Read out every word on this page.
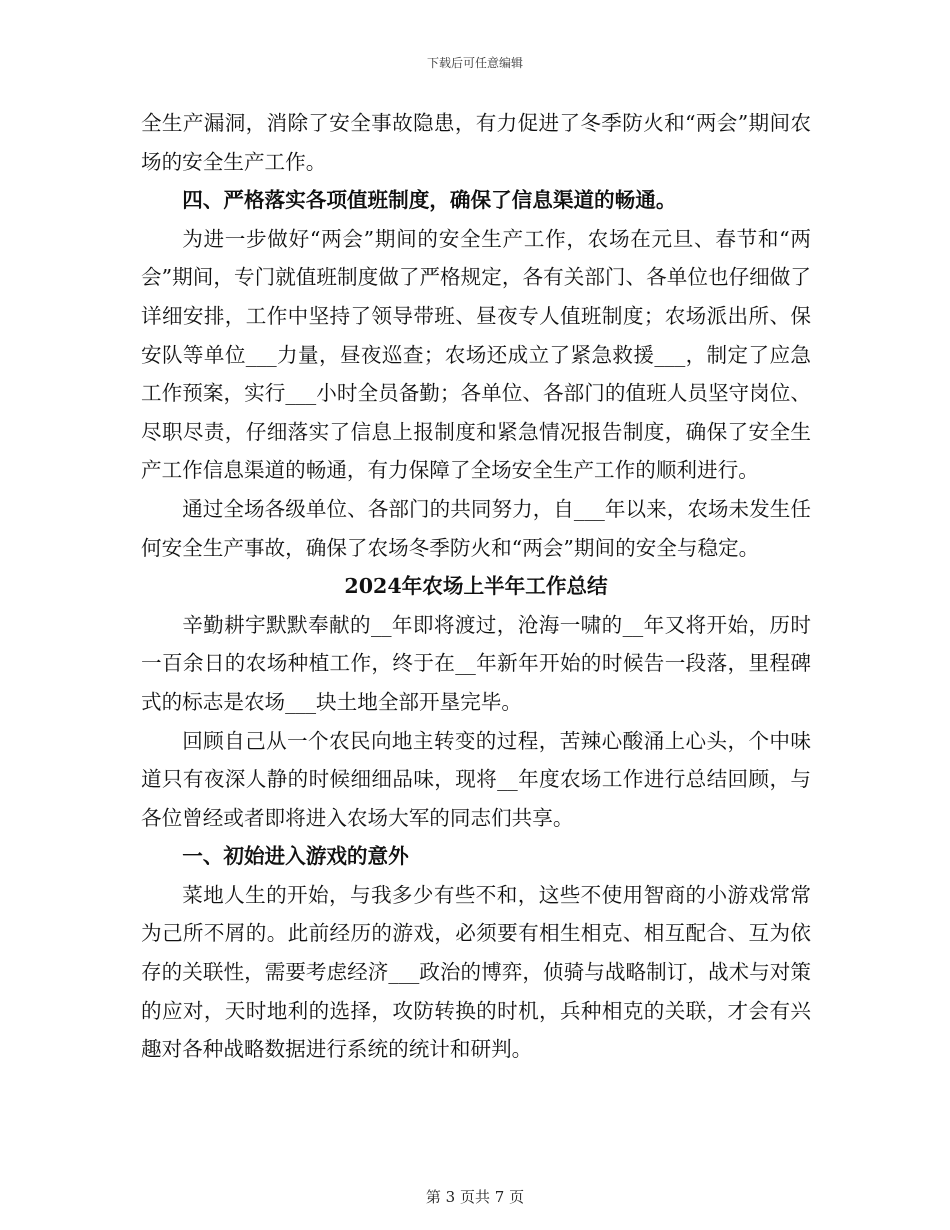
下载后可任意编辑

全生产漏洞，消除了安全事故隐患，有力促进了冬季防火和“两会”期间农场的安全生产工作。

四、严格落实各项值班制度，确保了信息渠道的畅通。

为进一步做好“两会”期间的安全生产工作，农场在元旦、春节和“两会”期间，专门就值班制度做了严格规定，各有关部门、各单位也仔细做了详细安排，工作中坚持了领导带班、昼夜专人值班制度；农场派出所、保安队等单位___力量，昼夜巡查；农场还成立了紧急救援___，制定了应急工作预案，实行___小时全员备勤；各单位、各部门的值班人员坚守岗位、尽职尽责，仔细落实了信息上报制度和紧急情况报告制度，确保了安全生产工作信息渠道的畅通，有力保障了全场安全生产工作的顺利进行。

通过全场各级单位、各部门的共同努力，自___年以来，农场未发生任何安全生产事故，确保了农场冬季防火和“两会”期间的安全与稳定。

2024年农场上半年工作总结

辛勤耕宇默默奉献的__年即将渡过，沧海一啸的__年又将开始，历时一百余日的农场种植工作，终于在__年新年开始的时候告一段落，里程碑式的标志是农场___块土地全部开垦完毕。

回顾自己从一个农民向地主转变的过程，苦辣心酸涌上心头，个中味道只有夜深人静的时候细细品味，现将__年度农场工作进行总结回顾，与各位曾经或者即将进入农场大军的同志们共享。

一、初始进入游戏的意外

菜地人生的开始，与我多少有些不和，这些不使用智商的小游戏常常为己所不屑的。此前经历的游戏，必须要有相生相克、相互配合、互为依存的关联性，需要考虑经济___政治的博弈，侦骑与战略制订，战术与对策的应对，天时地利的选择，攻防转换的时机，兵种相克的关联，才会有兴趣对各种战略数据进行系统的统计和研判。

第 3 页共 7 页
